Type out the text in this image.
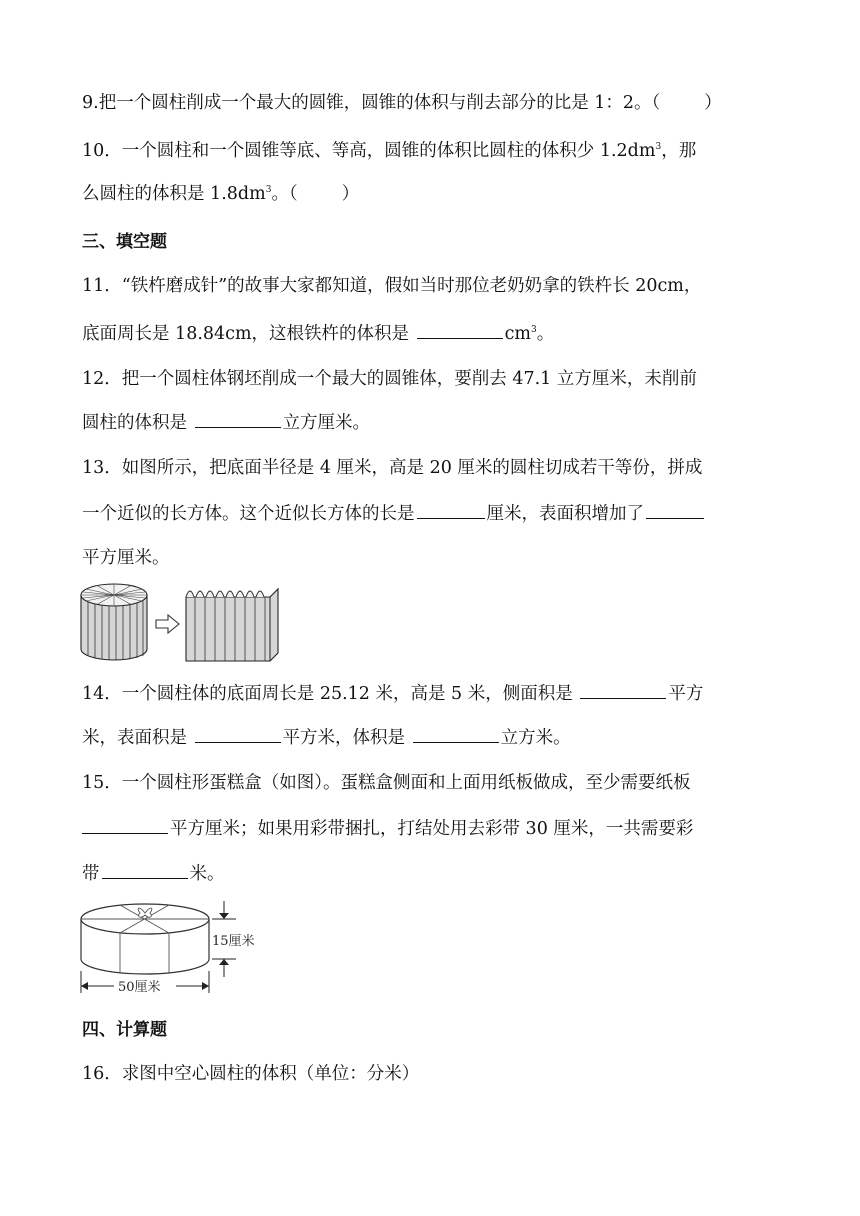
9.把一个圆柱削成一个最大的圆锥，圆锥的体积与削去部分的比是 1：2。（	）
10．一个圆柱和一个圆锥等底、等高，圆锥的体积比圆柱的体积少 $1.2dm^3$，那
么圆柱的体积是 $1.8dm^3$。（	）
三、填空题
11．“铁杵磨成针”的故事大家都知道，假如当时那位老奶奶拿的铁杵长 20cm，
底面周长是 18.84cm，这根铁杵的体积是	$cm^3$。
12．把一个圆柱体钢坯削成一个最大的圆锥体，要削去 47.1 立方厘米，未削前
圆柱的体积是	立方厘米。
13．如图所示，把底面半径是 4 厘米，高是 20 厘米的圆柱切成若干等份，拼成
一个近似的长方体。这个近似长方体的长是	厘米，表面积增加了
平方厘米。
14．一个圆柱体的底面周长是 25.12 米，高是 5 米，侧面积是	平方
米，表面积是	平方米，体积是	立方米。
15．一个圆柱形蛋糕盒（如图）。蛋糕盒侧面和上面用纸板做成，至少需要纸板
平方厘米；如果用彩带捆扎，打结处用去彩带 30 厘米，一共需要彩
带	米。
15厘米
50厘米
四、计算题
16．求图中空心圆柱的体积（单位：分米）
